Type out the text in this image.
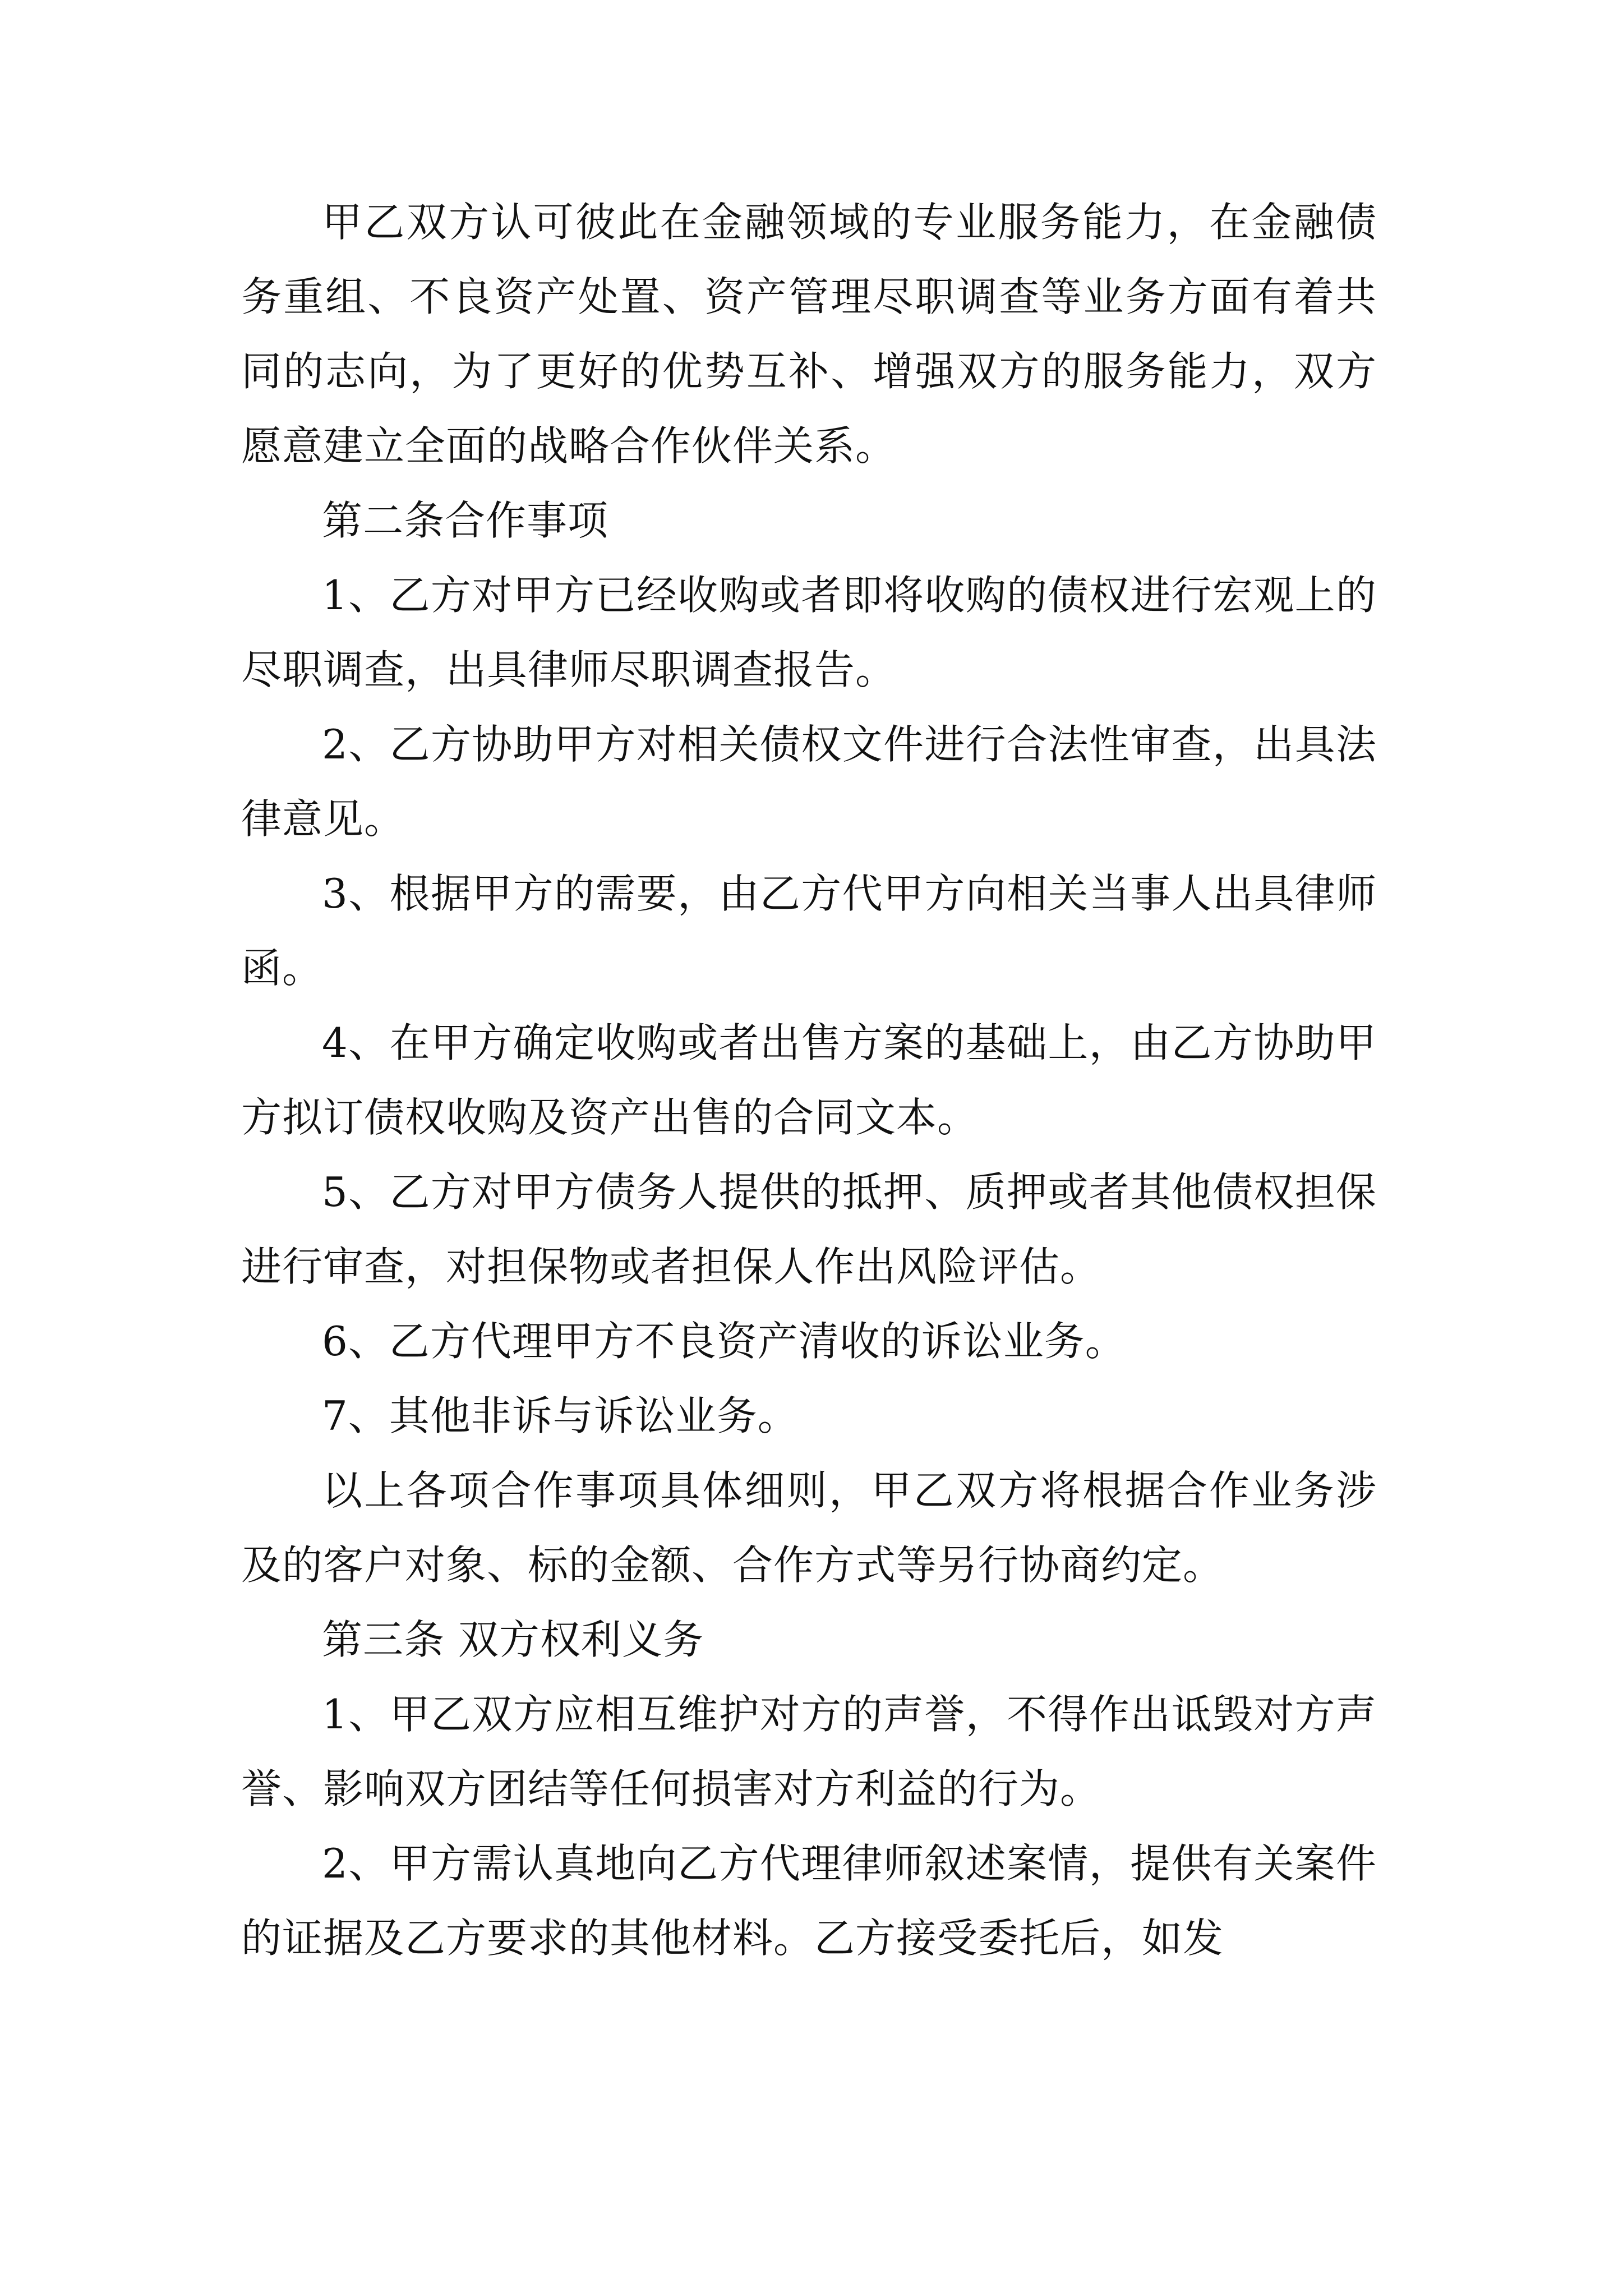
甲乙双方认可彼此在金融领域的专业服务能力，在金融债务重组、不良资产处置、资产管理尽职调查等业务方面有着共同的志向，为了更好的优势互补、增强双方的服务能力，双方愿意建立全面的战略合作伙伴关系。

第二条合作事项

1、乙方对甲方已经收购或者即将收购的债权进行宏观上的尽职调查，出具律师尽职调查报告。

2、乙方协助甲方对相关债权文件进行合法性审查，出具法律意见。

3、根据甲方的需要，由乙方代甲方向相关当事人出具律师函。

4、在甲方确定收购或者出售方案的基础上，由乙方协助甲方拟订债权收购及资产出售的合同文本。

5、乙方对甲方债务人提供的抵押、质押或者其他债权担保进行审查，对担保物或者担保人作出风险评估。

6、乙方代理甲方不良资产清收的诉讼业务。

7、其他非诉与诉讼业务。

以上各项合作事项具体细则，甲乙双方将根据合作业务涉及的客户对象、标的金额、合作方式等另行协商约定。

第三条 双方权利义务

1、甲乙双方应相互维护对方的声誉，不得作出诋毁对方声誉、影响双方团结等任何损害对方利益的行为。

2、甲方需认真地向乙方代理律师叙述案情，提供有关案件的证据及乙方要求的其他材料。乙方接受委托后，如发
